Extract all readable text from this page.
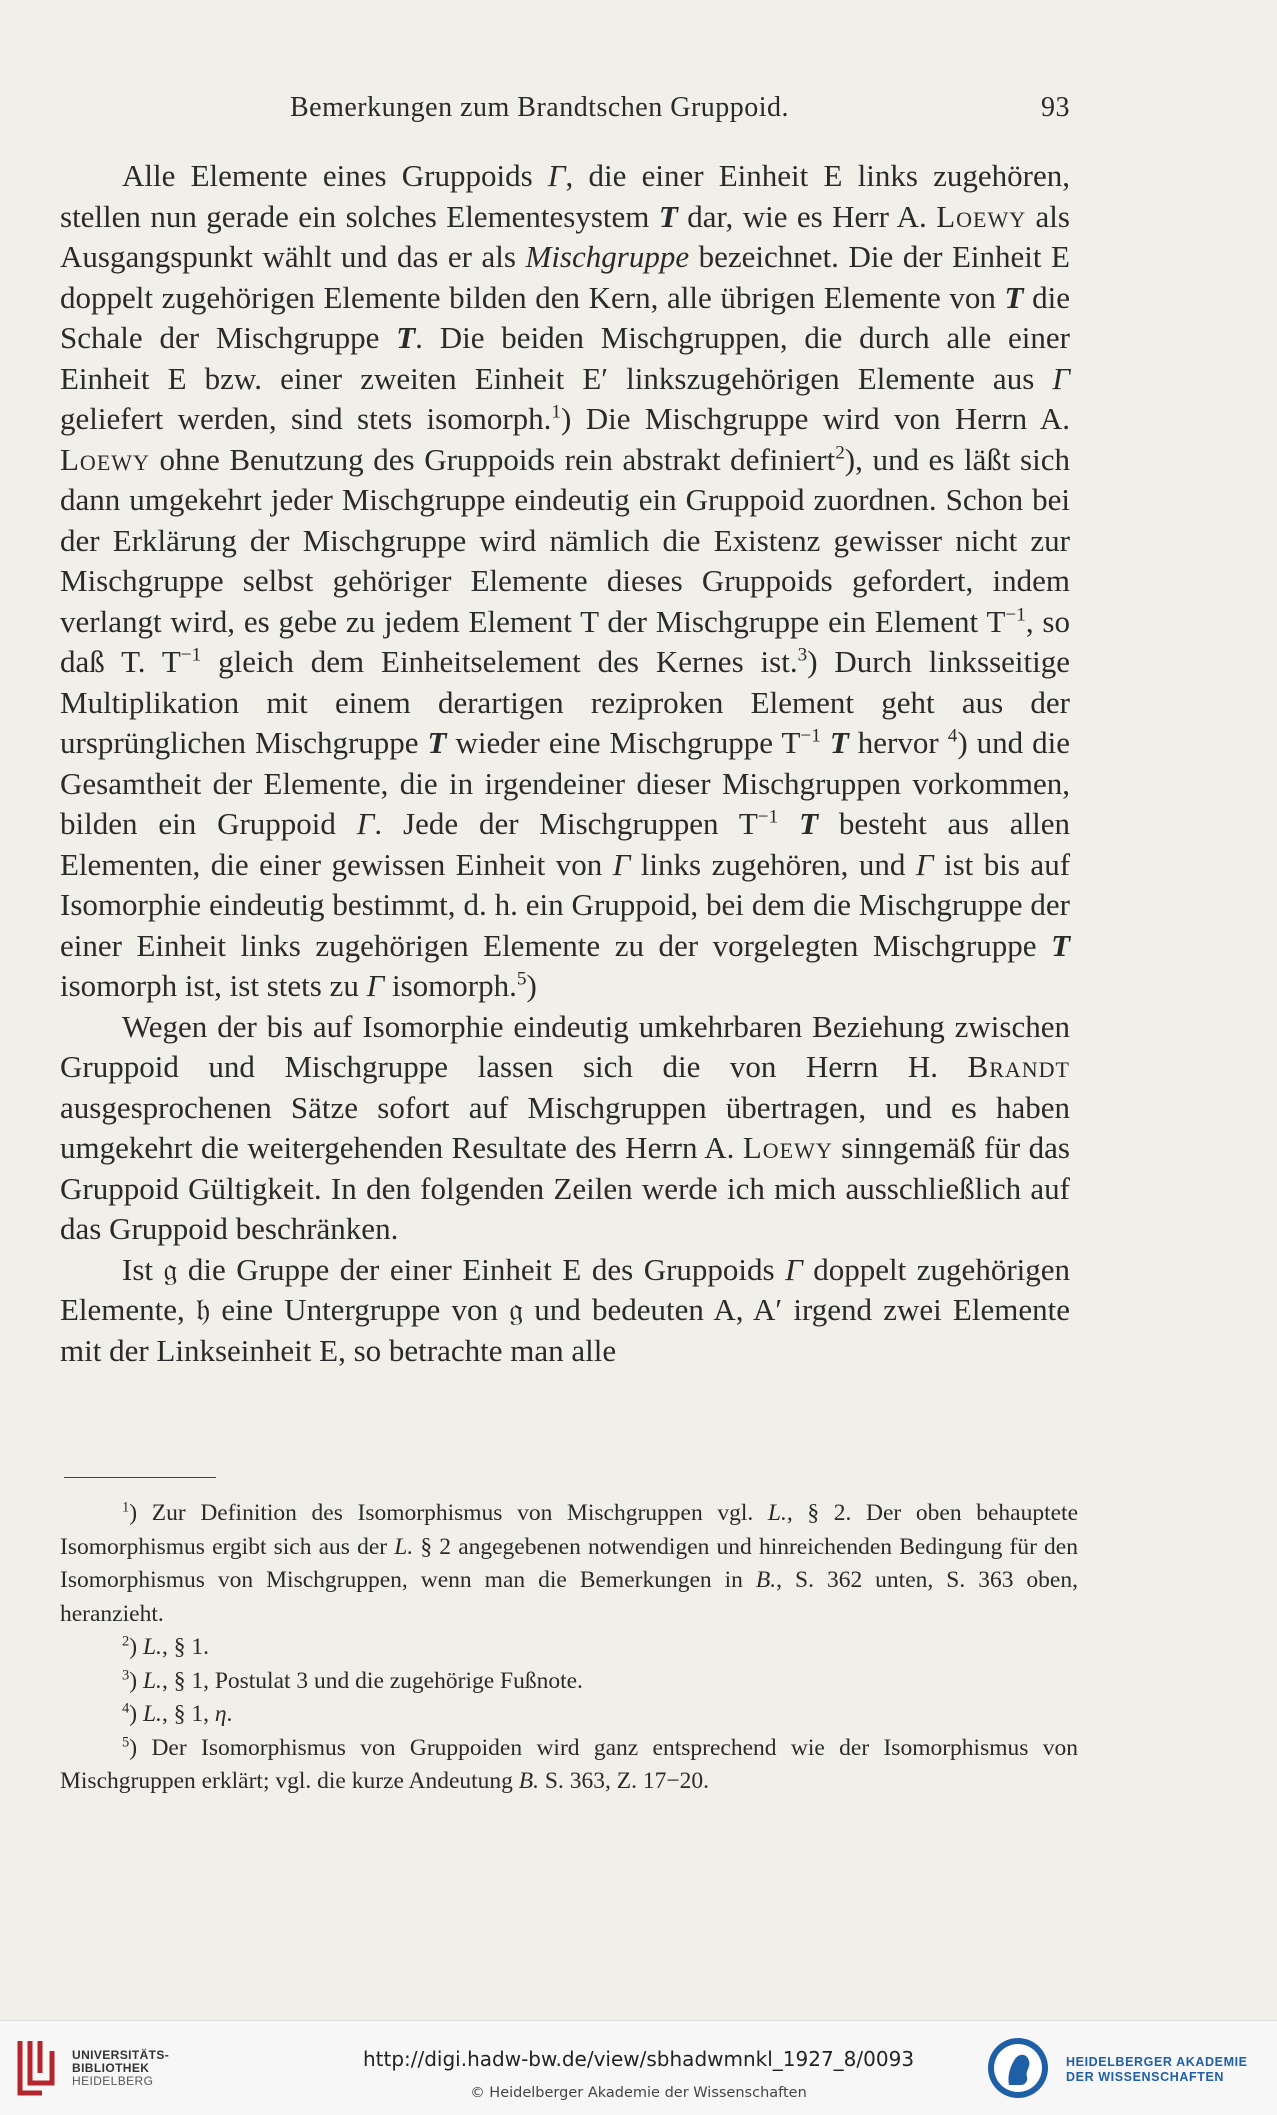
Bemerkungen zum Brandtschen Gruppoid.	93

Alle Elemente eines Gruppoids Γ, die einer Einheit E links zugehören, stellen nun gerade ein solches Elementesystem T dar, wie es Herr A. Loewy als Ausgangspunkt wählt und das er als Mischgruppe bezeichnet. Die der Einheit E doppelt zugehörigen Elemente bilden den Kern, alle übrigen Elemente von T die Schale der Mischgruppe T. Die beiden Mischgruppen, die durch alle einer Einheit E bzw. einer zweiten Einheit E′ linkszugehörigen Elemente aus Γ geliefert werden, sind stets isomorph.$^1$) Die Mischgruppe wird von Herrn A. Loewy ohne Benutzung des Gruppoids rein abstrakt definiert$^2$), und es läßt sich dann umgekehrt jeder Mischgruppe eindeutig ein Gruppoid zuordnen. Schon bei der Erklärung der Mischgruppe wird nämlich die Existenz gewisser nicht zur Mischgruppe selbst gehöriger Elemente dieses Gruppoids gefordert, indem verlangt wird, es gebe zu jedem Element T der Mischgruppe ein Element $T^{-1}$, so daß T. $T^{-1}$ gleich dem Einheitselement des Kernes ist.$^3$) Durch linksseitige Multiplikation mit einem derartigen reziproken Element geht aus der ursprünglichen Mischgruppe T wieder eine Mischgruppe $T^{-1}$ T hervor $^4$) und die Gesamtheit der Elemente, die in irgendeiner dieser Mischgruppen vorkommen, bilden ein Gruppoid Γ. Jede der Mischgruppen $T^{-1}$ T besteht aus allen Elementen, die einer gewissen Einheit von Γ links zugehören, und Γ ist bis auf Isomorphie eindeutig bestimmt, d. h. ein Gruppoid, bei dem die Mischgruppe der einer Einheit links zugehörigen Elemente zu der vorgelegten Mischgruppe T isomorph ist, ist stets zu Γ isomorph.$^5$)

Wegen der bis auf Isomorphie eindeutig umkehrbaren Beziehung zwischen Gruppoid und Mischgruppe lassen sich die von Herrn H. Brandt ausgesprochenen Sätze sofort auf Mischgruppen übertragen, und es haben umgekehrt die weitergehenden Resultate des Herrn A. Loewy sinngemäß für das Gruppoid Gültigkeit. In den folgenden Zeilen werde ich mich ausschließlich auf das Gruppoid beschränken.

Ist 𝔤 die Gruppe der einer Einheit E des Gruppoids Γ doppelt zugehörigen Elemente, 𝔥 eine Untergruppe von 𝔤 und bedeuten A, A′ irgend zwei Elemente mit der Linkseinheit E, so betrachte man alle

$^1$) Zur Definition des Isomorphismus von Mischgruppen vgl. L., § 2. Der oben behauptete Isomorphismus ergibt sich aus der L. § 2 angegebenen notwendigen und hinreichenden Bedingung für den Isomorphismus von Mischgruppen, wenn man die Bemerkungen in B., S. 362 unten, S. 363 oben, heranzieht.

$^2$) L., § 1.

$^3$) L., § 1, Postulat 3 und die zugehörige Fußnote.

$^4$) L., § 1, η.

$^5$) Der Isomorphismus von Gruppoiden wird ganz entsprechend wie der Isomorphismus von Mischgruppen erklärt; vgl. die kurze Andeutung B. S. 363, Z. 17−20.

UNIVERSITÄTS-
BIBLIOTHEK
HEIDELBERG
http://digi.hadw-bw.de/view/sbhadwmnkl_1927_8/0093
© Heidelberger Akademie der Wissenschaften
HEIDELBERGER AKADEMIE
DER WISSENSCHAFTEN
